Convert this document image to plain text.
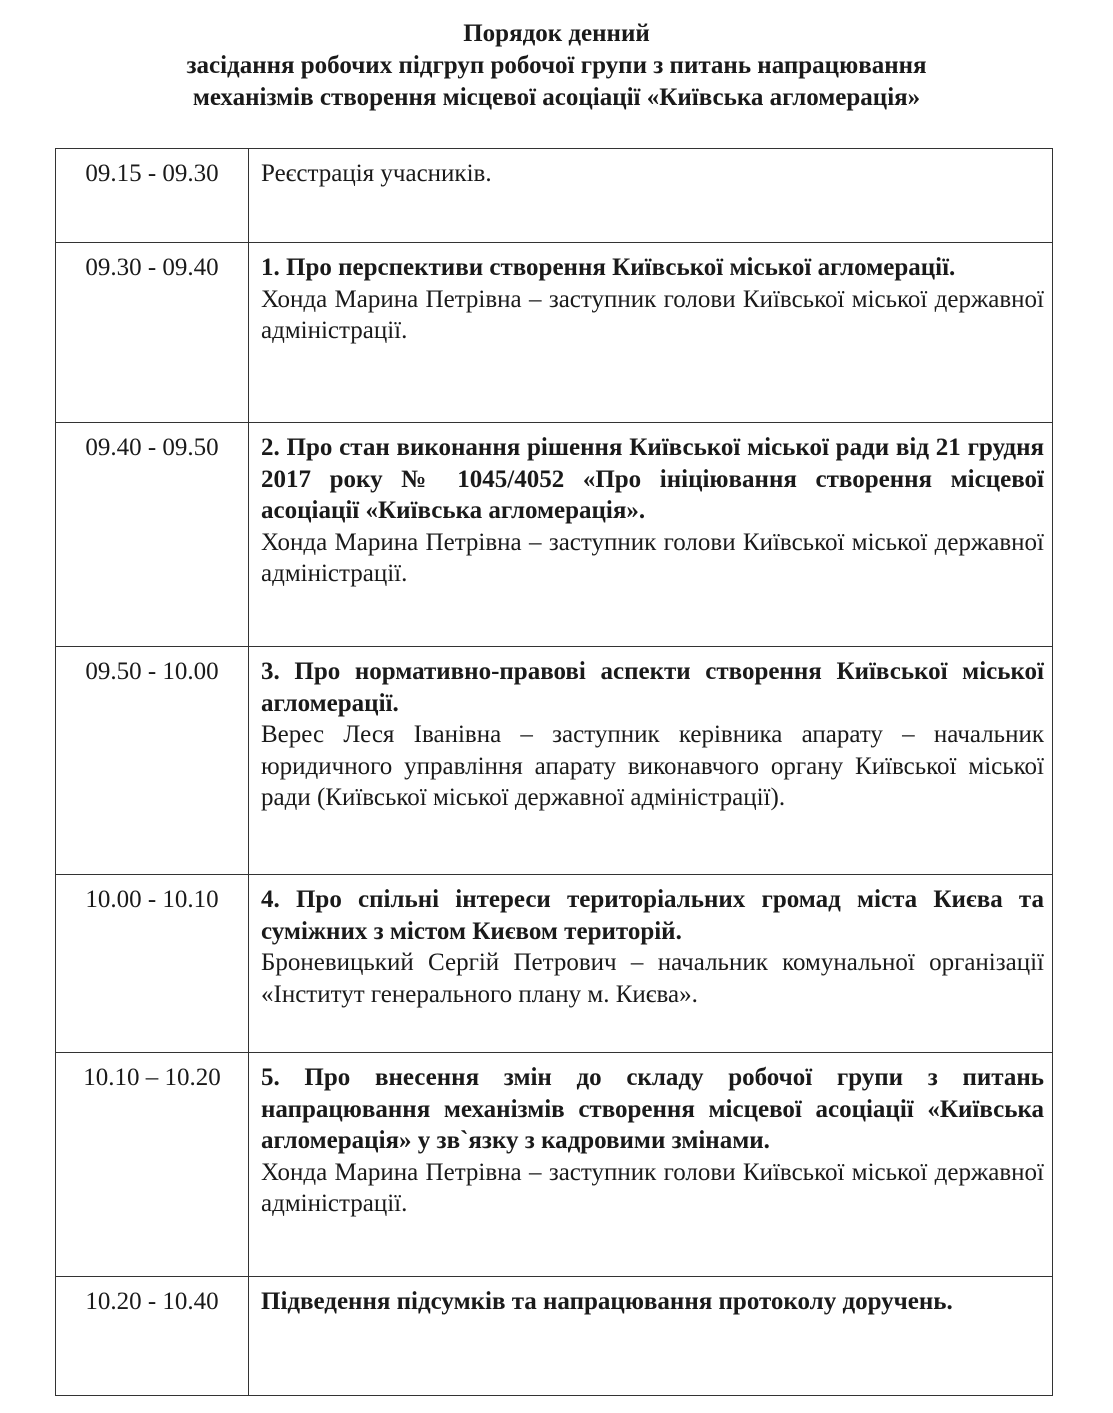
Порядок денний
засідання робочих підгруп робочої групи з питань напрацювання
механізмів створення місцевої асоціації «Київська агломерація»
09.15 - 09.30	Реєстрація учасників.
09.30 - 09.40	1. Про перспективи створення Київської міської агломерації.
Хонда Марина Петрівна – заступник голови Київської міської державної адміністрації.

09.40 - 09.50	2. Про стан виконання рішення Київської міської ради від 21 грудня 2017 року № 1045/4052 «Про ініціювання створення місцевої асоціації «Київська агломерація».
Хонда Марина Петрівна – заступник голови Київської міської державної адміністрації.

09.50 - 10.00	3. Про нормативно-правові аспекти створення Київської міської агломерації.
Верес Леся Іванівна – заступник керівника апарату – начальник юридичного управління апарату виконавчого органу Київської міської ради (Київської міської державної адміністрації).

10.00 - 10.10	4. Про спільні інтереси територіальних громад міста Києва та суміжних з містом Києвом територій.
Броневицький Сергій Петрович – начальник комунальної організації «Інститут генерального плану м. Києва».

10.10 – 10.20	5. Про внесення змін до складу робочої групи з питань напрацювання механізмів створення місцевої асоціації «Київська агломерація» у зв`язку з кадровими змінами.
Хонда Марина Петрівна – заступник голови Київської міської державної адміністрації.

10.20 - 10.40	Підведення підсумків та напрацювання протоколу доручень.
